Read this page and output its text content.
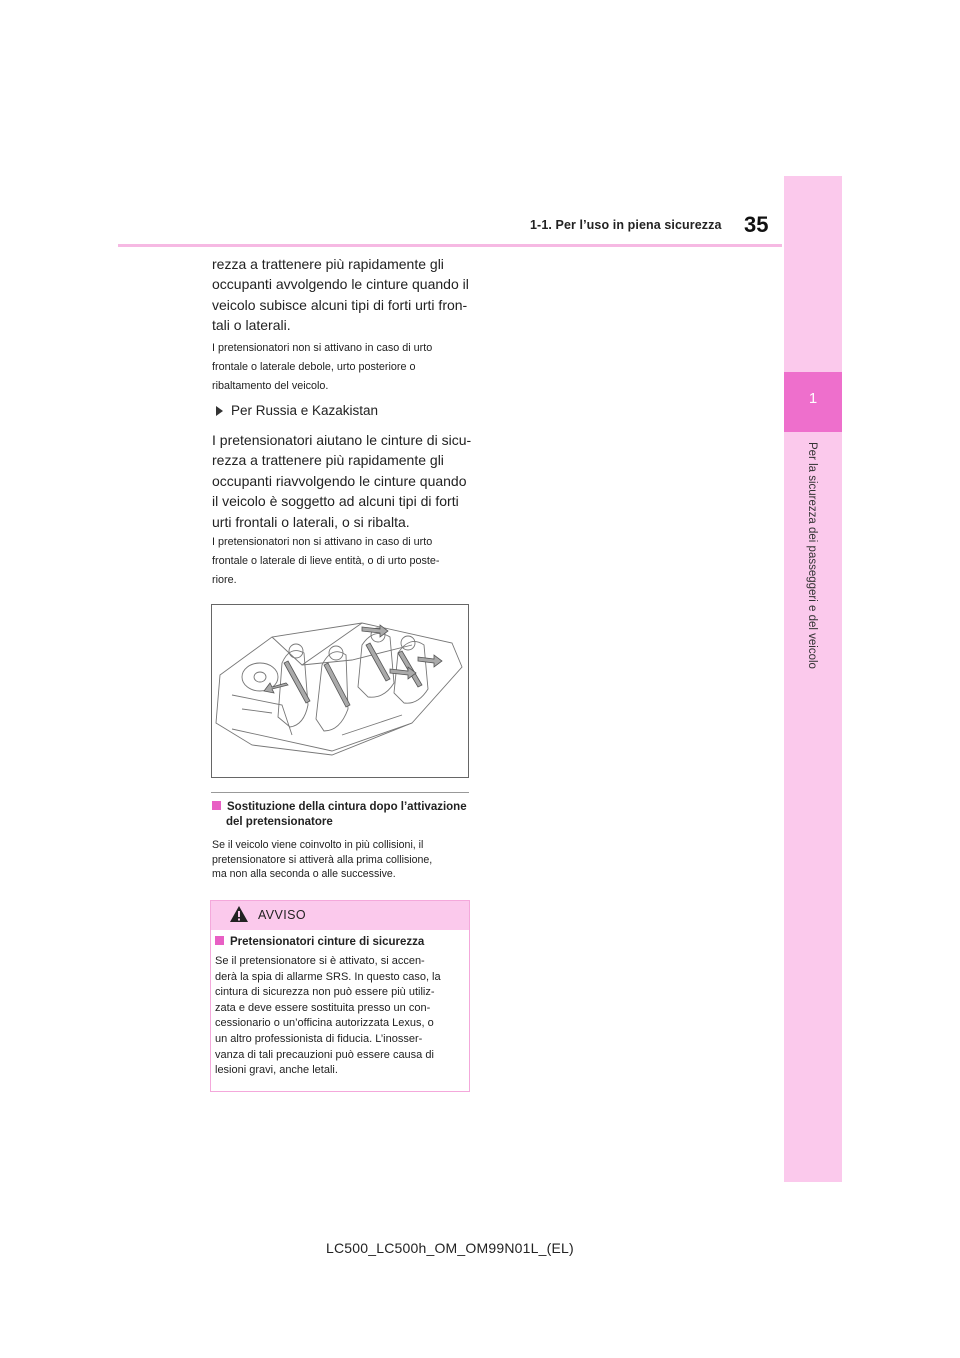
1-1. Per l’uso in piena sicurezza 35
1
Per la sicurezza dei passeggeri e del veicolo
rezza a trattenere più rapidamente gli
occupanti avvolgendo le cinture quando il
veicolo subisce alcuni tipi di forti urti fron-
tali o laterali.
I pretensionatori non si attivano in caso di urto
frontale o laterale debole, urto posteriore o
ribaltamento del veicolo.
Per Russia e Kazakistan
I pretensionatori aiutano le cinture di sicu-
rezza a trattenere più rapidamente gli
occupanti riavvolgendo le cinture quando
il veicolo è soggetto ad alcuni tipi di forti
urti frontali o laterali, o si ribalta.
I pretensionatori non si attivano in caso di urto
frontale o laterale di lieve entità, o di urto poste-
riore.
Sostituzione della cintura dopo l’attivazione
del pretensionatore
Se il veicolo viene coinvolto in più collisioni, il
pretensionatore si attiverà alla prima collisione,
ma non alla seconda o alle successive.
AVVISO
Pretensionatori cinture di sicurezza
Se il pretensionatore si è attivato, si accen-
derà la spia di allarme SRS. In questo caso, la
cintura di sicurezza non può essere più utiliz-
zata e deve essere sostituita presso un con-
cessionario o un’officina autorizzata Lexus, o
un altro professionista di fiducia. L’inosser-
vanza di tali precauzioni può essere causa di
lesioni gravi, anche letali.
LC500_LC500h_OM_OM99N01L_(EL)
